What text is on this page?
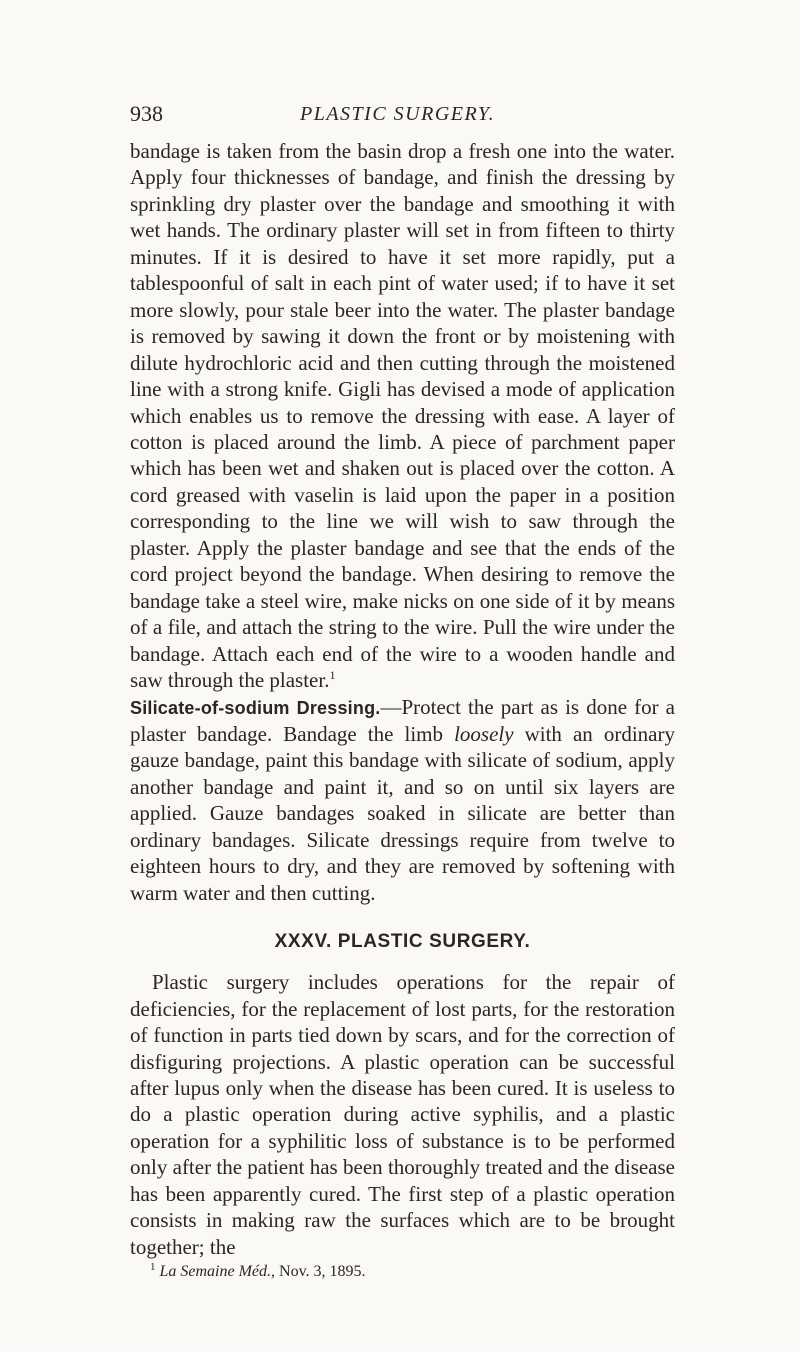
938	PLASTIC SURGERY.

bandage is taken from the basin drop a fresh one into the water. Apply four thicknesses of bandage, and finish the dressing by sprinkling dry plaster over the bandage and smoothing it with wet hands. The ordinary plaster will set in from fifteen to thirty minutes. If it is desired to have it set more rapidly, put a tablespoonful of salt in each pint of water used; if to have it set more slowly, pour stale beer into the water. The plaster bandage is removed by sawing it down the front or by moistening with dilute hydrochloric acid and then cutting through the moistened line with a strong knife. Gigli has devised a mode of application which enables us to remove the dressing with ease. A layer of cotton is placed around the limb. A piece of parchment paper which has been wet and shaken out is placed over the cotton. A cord greased with vaselin is laid upon the paper in a position corresponding to the line we will wish to saw through the plaster. Apply the plaster bandage and see that the ends of the cord project beyond the bandage. When desiring to remove the bandage take a steel wire, make nicks on one side of it by means of a file, and attach the string to the wire. Pull the wire under the bandage. Attach each end of the wire to a wooden handle and saw through the plaster.$^1$

Silicate-of-sodium Dressing.—Protect the part as is done for a plaster bandage. Bandage the limb loosely with an ordinary gauze bandage, paint this bandage with silicate of sodium, apply another bandage and paint it, and so on until six layers are applied. Gauze bandages soaked in silicate are better than ordinary bandages. Silicate dressings require from twelve to eighteen hours to dry, and they are removed by softening with warm water and then cutting.

XXXV. PLASTIC SURGERY.

Plastic surgery includes operations for the repair of deficiencies, for the replacement of lost parts, for the restoration of function in parts tied down by scars, and for the correction of disfiguring projections. A plastic operation can be successful after lupus only when the disease has been cured. It is useless to do a plastic operation during active syphilis, and a plastic operation for a syphilitic loss of substance is to be performed only after the patient has been thoroughly treated and the disease has been apparently cured. The first step of a plastic operation consists in making raw the surfaces which are to be brought together; the

$^1$ La Semaine Méd., Nov. 3, 1895.
